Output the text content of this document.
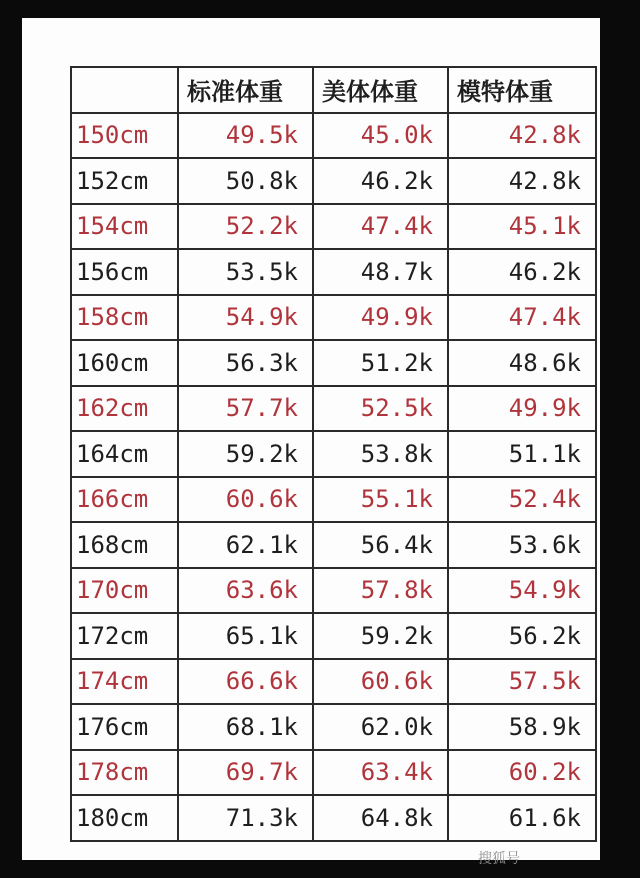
	标准体重	美体体重	模特体重
150cm	49.5k	45.0k	42.8k
152cm	50.8k	46.2k	42.8k
154cm	52.2k	47.4k	45.1k
156cm	53.5k	48.7k	46.2k
158cm	54.9k	49.9k	47.4k
160cm	56.3k	51.2k	48.6k
162cm	57.7k	52.5k	49.9k
164cm	59.2k	53.8k	51.1k
166cm	60.6k	55.1k	52.4k
168cm	62.1k	56.4k	53.6k
170cm	63.6k	57.8k	54.9k
172cm	65.1k	59.2k	56.2k
174cm	66.6k	60.6k	57.5k
176cm	68.1k	62.0k	58.9k
178cm	69.7k	63.4k	60.2k
180cm	71.3k	64.8k	61.6k
搜狐号
